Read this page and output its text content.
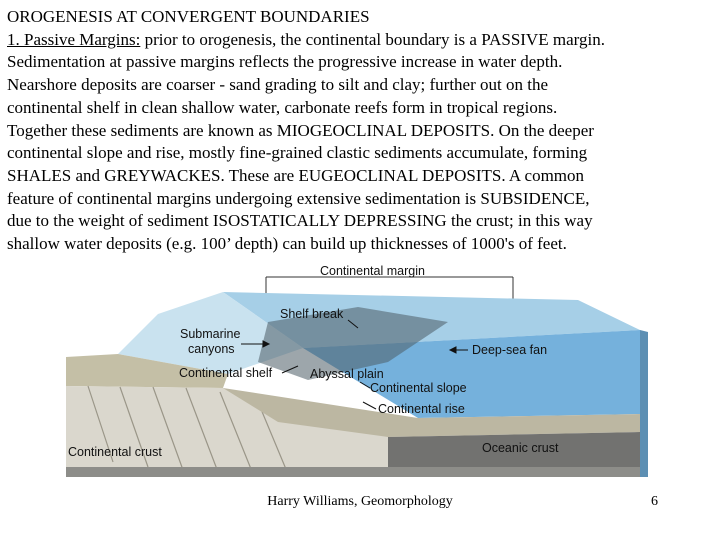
OROGENESIS AT CONVERGENT BOUNDARIES
1. Passive Margins: prior to orogenesis, the continental boundary is a PASSIVE margin.
Sedimentation at passive margins reflects the progressive increase in water depth.
Nearshore deposits are coarser - sand grading to silt and clay; further out on the
continental shelf in clean shallow water, carbonate reefs form in tropical regions.
Together these sediments are known as MIOGEOCLINAL DEPOSITS. On the deeper
continental slope and rise, mostly fine-grained clastic sediments accumulate, forming
SHALES and GREYWACKES. These are EUGEOCLINAL DEPOSITS. A common
feature of continental margins undergoing extensive sedimentation is SUBSIDENCE,
due to the weight of sediment ISOSTATICALLY DEPRESSING the crust; in this way
shallow water deposits (e.g. 100’ depth) can build up thicknesses of 1000's of feet.
Continental margin
Shelf break
Submarine
canyons	Deep-sea fan
Continental shelf	Abyssal plain
Continental slope
Continental rise
Oceanic crust
Continental crust
Harry Williams, Geomorphology	6
